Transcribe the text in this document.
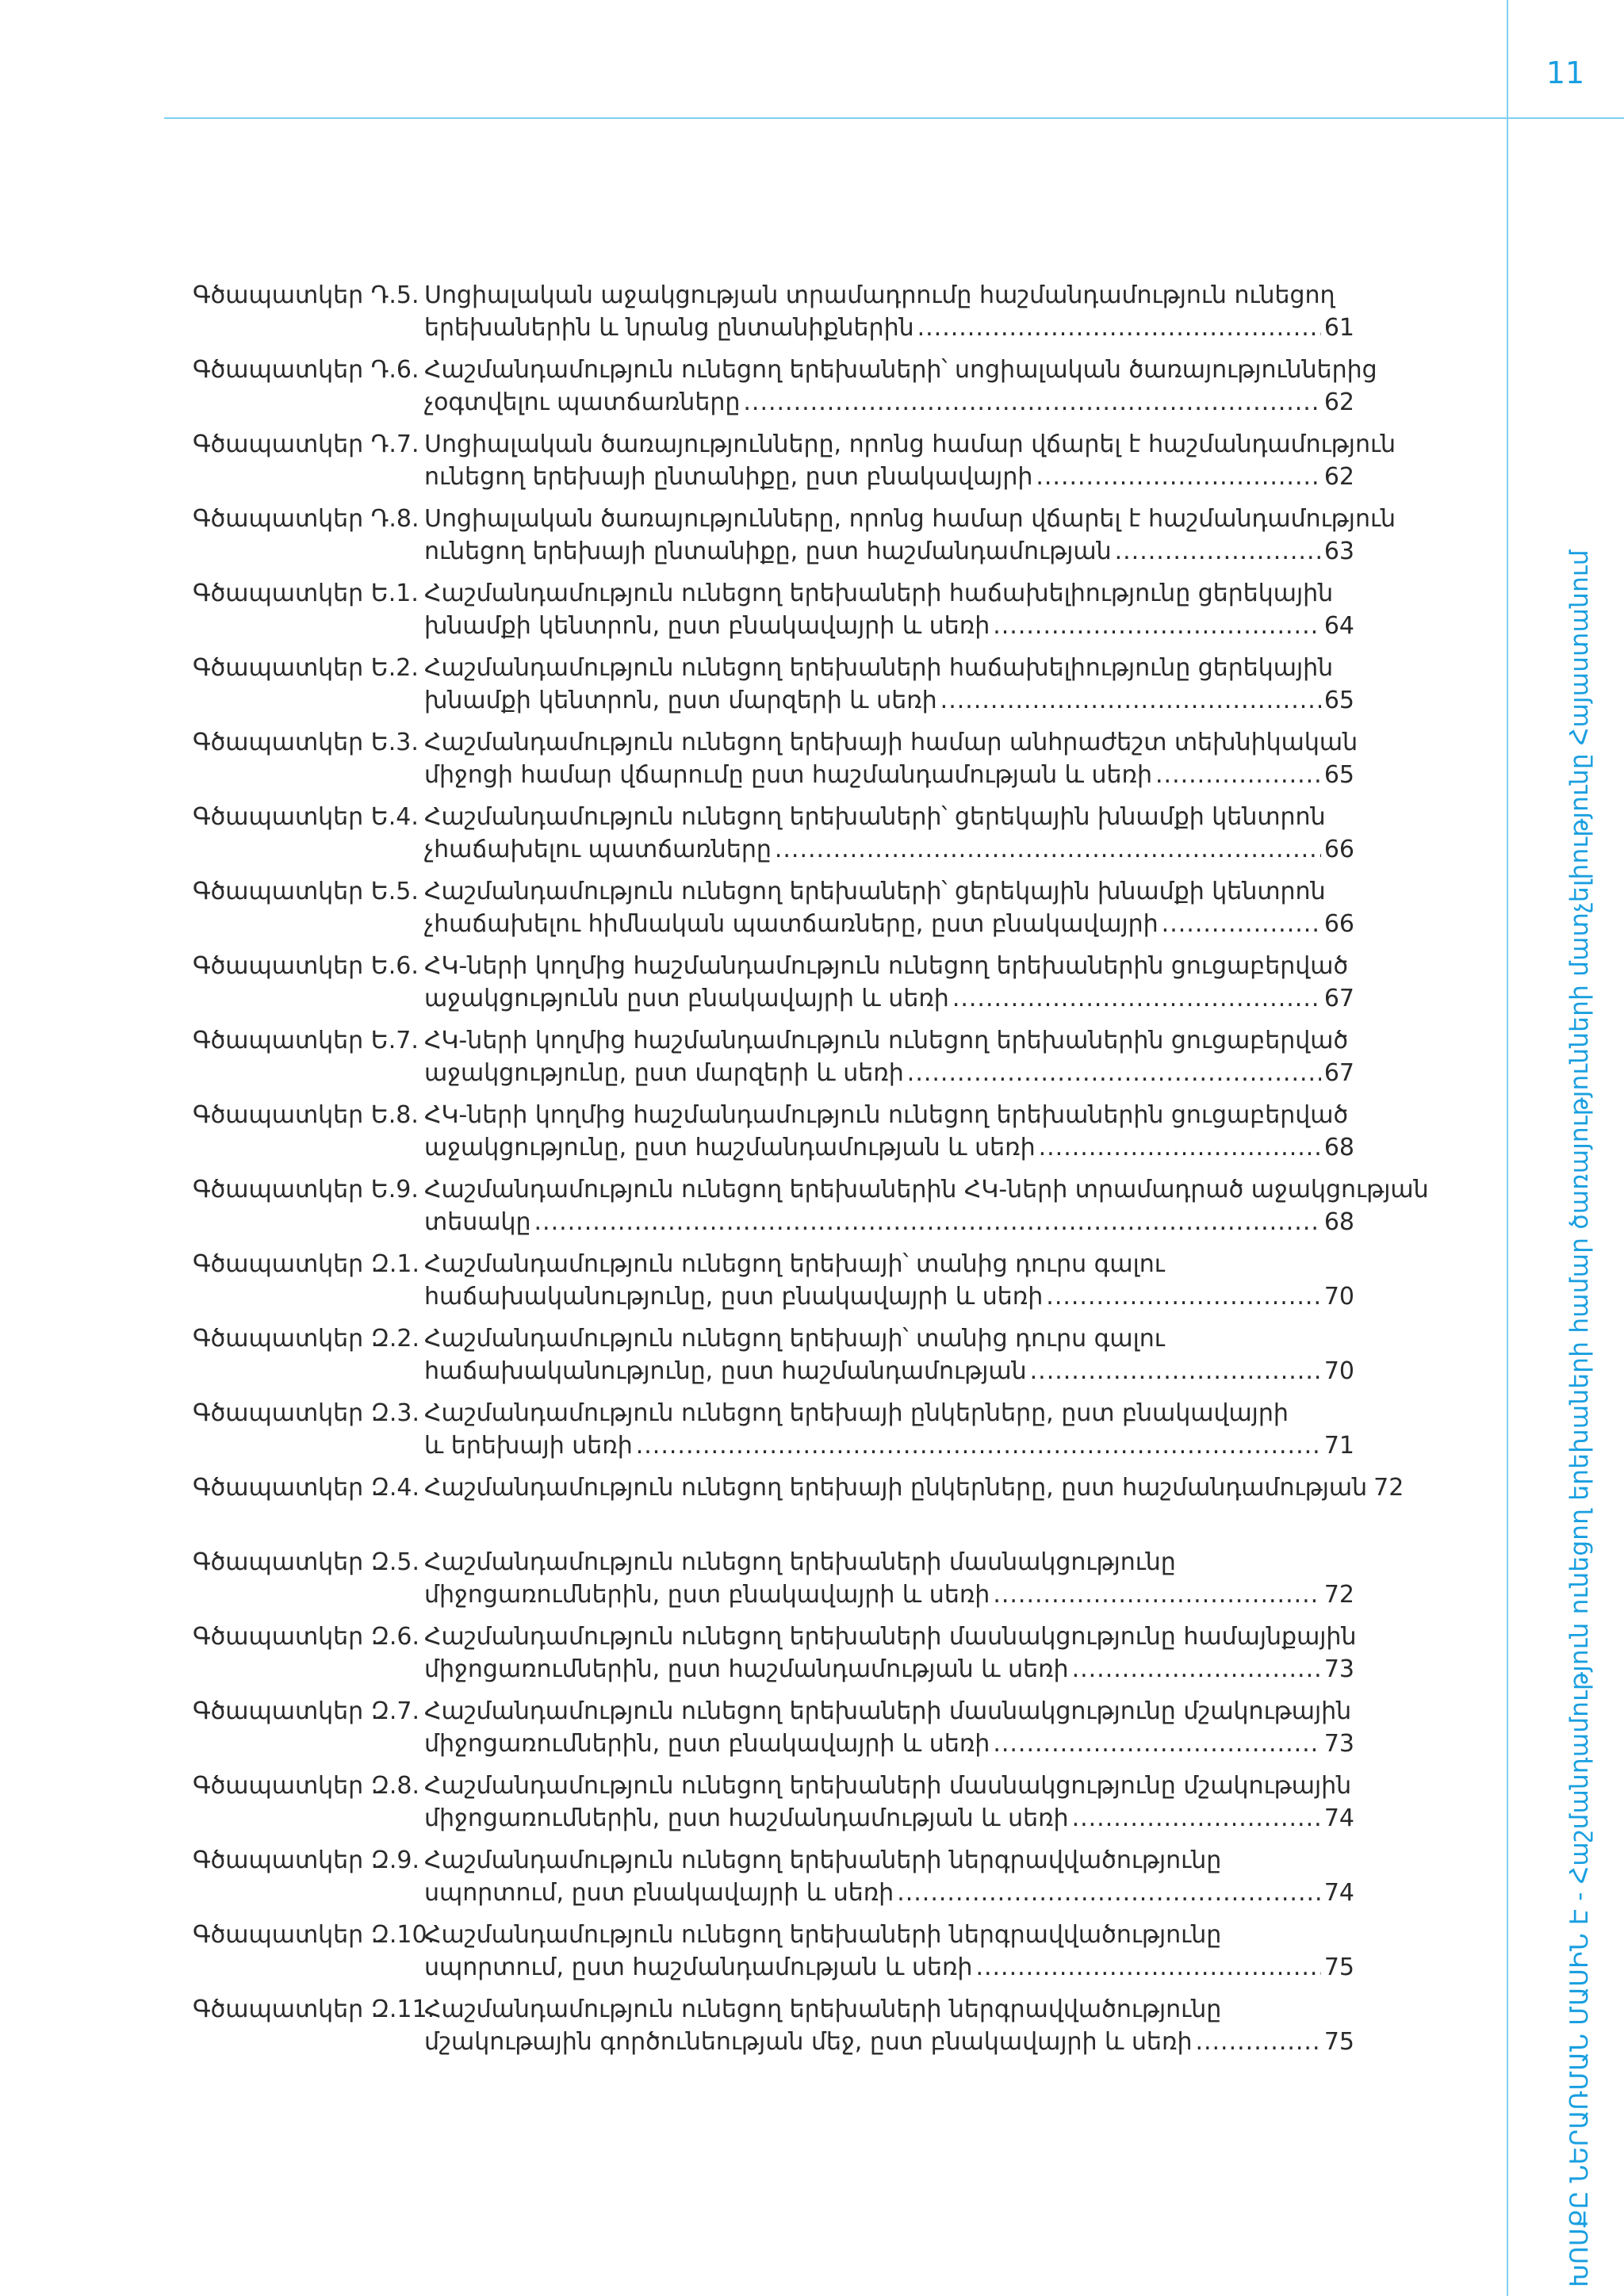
11
ԽՈՍՔԸ ՆԵՐԱՌՄԱՆ ՄԱՍԻՆ Է - Հաշմանդամություն ունեցող երեխաների համար ծառայությունների մատչելիությունը Հայաստանում
Գծապատկեր Դ.5. Սոցիալական աջակցության տրամադրումը հաշմանդամություն ունեցող
երեխաներին և նրանց ընտանիքներին .....	61
Գծապատկեր Դ.6. Հաշմանդամություն ունեցող երեխաների՝ սոցիալական ծառայություններից
չօգտվելու պատճառները .....	62
Գծապատկեր Դ.7. Սոցիալական ծառայությունները, որոնց համար վճարել է հաշմանդամություն
ունեցող երեխայի ընտանիքը, ըստ բնակավայրի .....	62
Գծապատկեր Դ.8. Սոցիալական ծառայությունները, որոնց համար վճարել է հաշմանդամություն
ունեցող երեխայի ընտանիքը, ըստ հաշմանդամության .....	63
Գծապատկեր Ե.1. Հաշմանդամություն ունեցող երեխաների հաճախելիությունը ցերեկային
խնամքի կենտրոն, ըստ բնակավայրի և սեռի .....	64
Գծապատկեր Ե.2. Հաշմանդամություն ունեցող երեխաների հաճախելիությունը ցերեկային
խնամքի կենտրոն, ըստ մարզերի և սեռի .....	65
Գծապատկեր Ե.3. Հաշմանդամություն ունեցող երեխայի համար անհրաժեշտ տեխնիկական
միջոցի համար վճարումը ըստ հաշմանդամության և սեռի .....	65
Գծապատկեր Ե.4. Հաշմանդամություն ունեցող երեխաների՝ ցերեկային խնամքի կենտրոն
չհաճախելու պատճառները .....	66
Գծապատկեր Ե.5. Հաշմանդամություն ունեցող երեխաների՝ ցերեկային խնամքի կենտրոն
չհաճախելու հիմնական պատճառները, ըստ բնակավայրի .....	66
Գծապատկեր Ե.6. ՀԿ-ների կողմից հաշմանդամություն ունեցող երեխաներին ցուցաբերված
աջակցությունն ըստ բնակավայրի և սեռի .....	67
Գծապատկեր Ե.7. ՀԿ-ների կողմից հաշմանդամություն ունեցող երեխաներին ցուցաբերված
աջակցությունը, ըստ մարզերի և սեռի .....	67
Գծապատկեր Ե.8. ՀԿ-ների կողմից հաշմանդամություն ունեցող երեխաներին ցուցաբերված
աջակցությունը, ըստ հաշմանդամության և սեռի .....	68
Գծապատկեր Ե.9. Հաշմանդամություն ունեցող երեխաներին ՀԿ-ների տրամադրած աջակցության
տեսակը .....	68
Գծապատկեր Զ.1. Հաշմանդամություն ունեցող երեխայի՝ տանից դուրս գալու
հաճախականությունը, ըստ բնակավայրի և սեռի .....	70
Գծապատկեր Զ.2. Հաշմանդամություն ունեցող երեխայի՝ տանից դուրս գալու
հաճախականությունը, ըստ հաշմանդամության .....	70
Գծապատկեր Զ.3. Հաշմանդամություն ունեցող երեխայի ընկերները, ըստ բնակավայրի
և երեխայի սեռի .....	71
Գծապատկեր Զ.4. Հաշմանդամություն ունեցող երեխայի ընկերները, ըստ հաշմանդամության 72
Գծապատկեր Զ.5. Հաշմանդամություն ունեցող երեխաների մասնակցությունը
միջոցառումներին, ըստ բնակավայրի և սեռի .....	72
Գծապատկեր Զ.6. Հաշմանդամություն ունեցող երեխաների մասնակցությունը համայնքային
միջոցառումներին, ըստ հաշմանդամության և սեռի .....	73
Գծապատկեր Զ.7. Հաշմանդամություն ունեցող երեխաների մասնակցությունը մշակութային
միջոցառումներին, ըստ բնակավայրի և սեռի .....	73
Գծապատկեր Զ.8. Հաշմանդամություն ունեցող երեխաների մասնակցությունը մշակութային
միջոցառումներին, ըստ հաշմանդամության և սեռի .....	74
Գծապատկեր Զ.9. Հաշմանդամություն ունեցող երեխաների ներգրավվածությունը
սպորտում, ըստ բնակավայրի և սեռի .....	74
Գծապատկեր Զ.10.
Հաշմանդամություն ունեցող երեխաների ներգրավվածությունը
սպորտում, ըստ հաշմանդամության և սեռի .....	75
Գծապատկեր Զ.11.
Հաշմանդամություն ունեցող երեխաների ներգրավվածությունը
մշակութային գործունեության մեջ, ըստ բնակավայրի և սեռի .....	75
